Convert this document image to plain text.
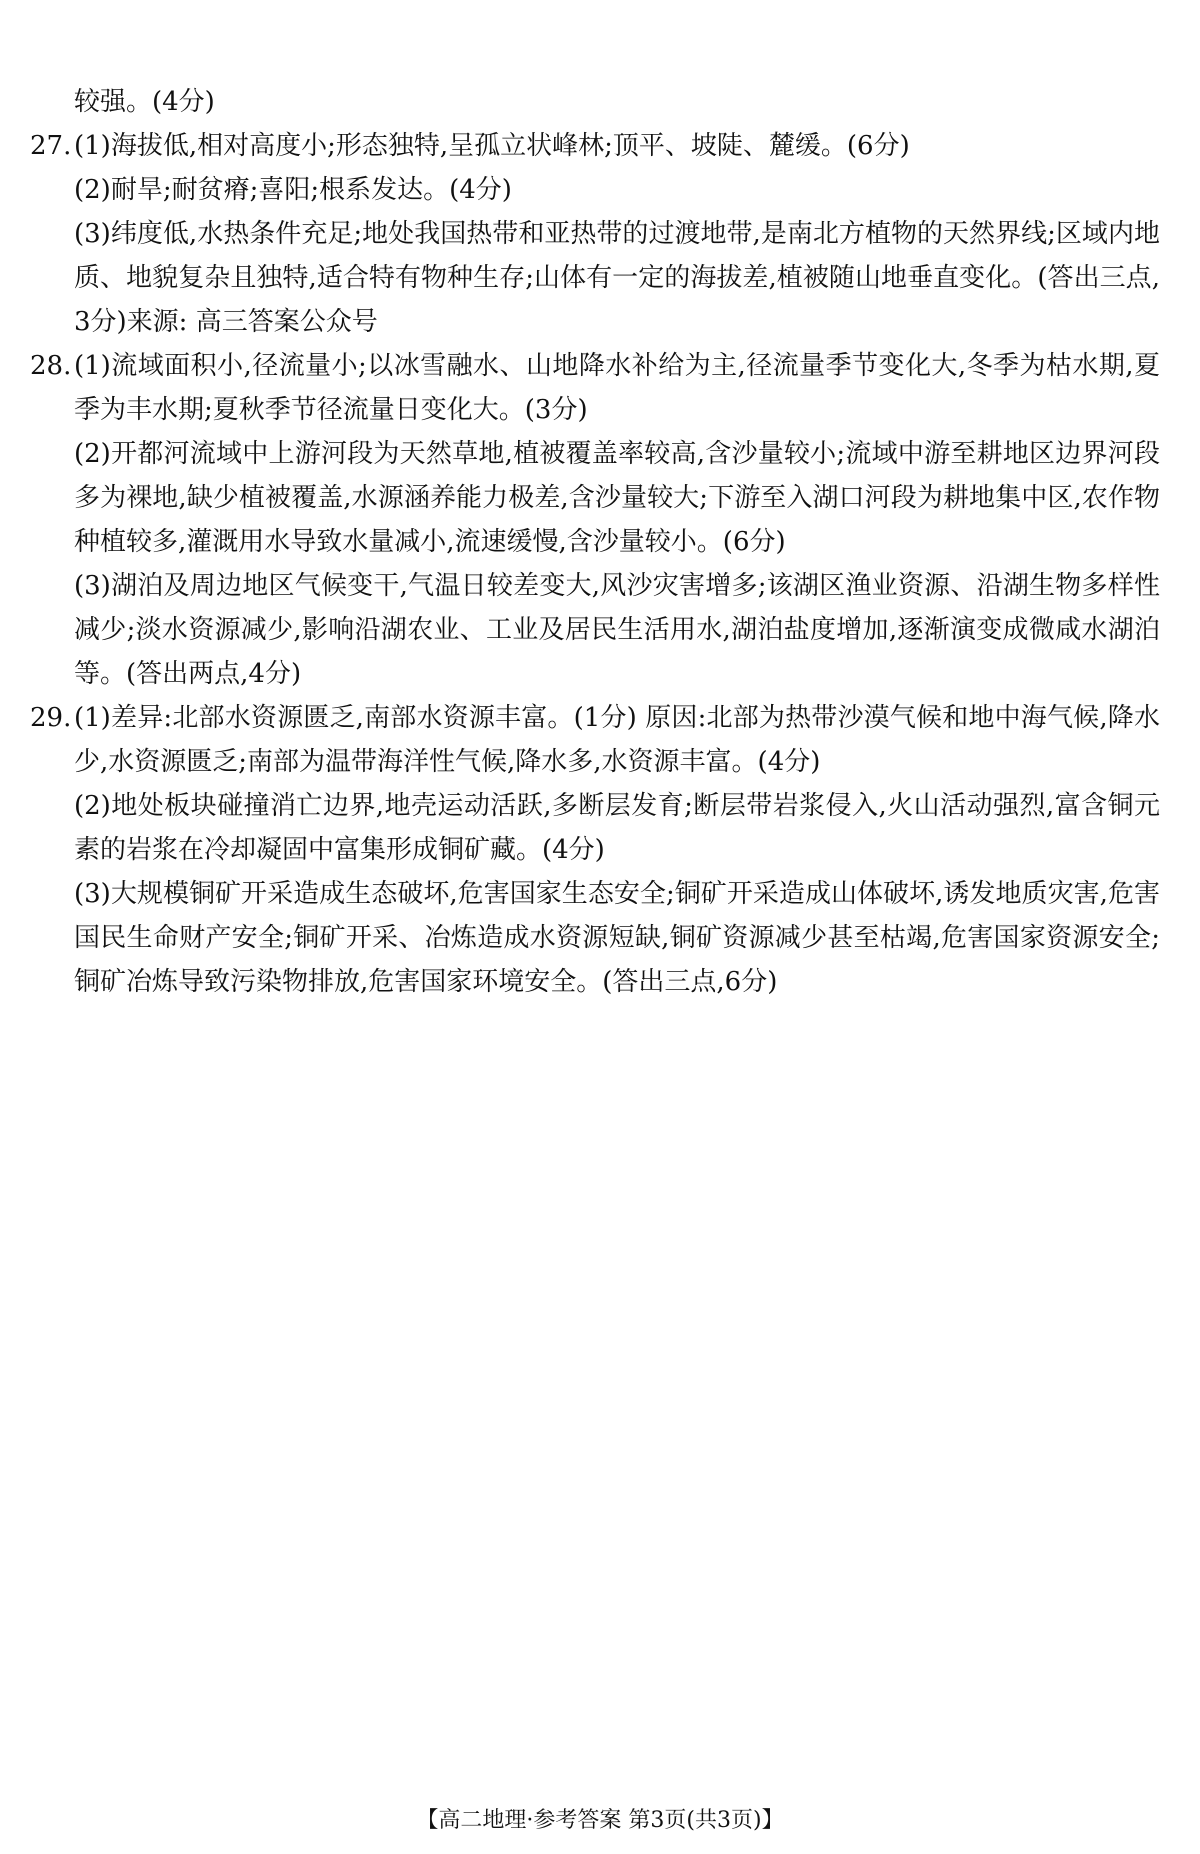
较强。(4分)

27. (1)海拔低,相对高度小;形态独特,呈孤立状峰林;顶平、坡陡、麓缓。(6分)

(2)耐旱;耐贫瘠;喜阳;根系发达。(4分)

(3)纬度低,水热条件充足;地处我国热带和亚热带的过渡地带,是南北方植物的天然界线;区域内地质、地貌复杂且独特,适合特有物种生存;山体有一定的海拔差,植被随山地垂直变化。(答出三点,3分)来源: 高三答案公众号

28. (1)流域面积小,径流量小;以冰雪融水、山地降水补给为主,径流量季节变化大,冬季为枯水期,夏季为丰水期;夏秋季节径流量日变化大。(3分)

(2)开都河流域中上游河段为天然草地,植被覆盖率较高,含沙量较小;流域中游至耕地区边界河段多为裸地,缺少植被覆盖,水源涵养能力极差,含沙量较大;下游至入湖口河段为耕地集中区,农作物种植较多,灌溉用水导致水量减小,流速缓慢,含沙量较小。(6分)

(3)湖泊及周边地区气候变干,气温日较差变大,风沙灾害增多;该湖区渔业资源、沿湖生物多样性减少;淡水资源减少,影响沿湖农业、工业及居民生活用水,湖泊盐度增加,逐渐演变成微咸水湖泊等。(答出两点,4分)

29. (1)差异:北部水资源匮乏,南部水资源丰富。(1分) 原因:北部为热带沙漠气候和地中海气候,降水少,水资源匮乏;南部为温带海洋性气候,降水多,水资源丰富。(4分)

(2)地处板块碰撞消亡边界,地壳运动活跃,多断层发育;断层带岩浆侵入,火山活动强烈,富含铜元素的岩浆在冷却凝固中富集形成铜矿藏。(4分)

(3)大规模铜矿开采造成生态破坏,危害国家生态安全;铜矿开采造成山体破坏,诱发地质灾害,危害国民生命财产安全;铜矿开采、冶炼造成水资源短缺,铜矿资源减少甚至枯竭,危害国家资源安全;铜矿冶炼导致污染物排放,危害国家环境安全。(答出三点,6分)

【高二地理·参考答案 第3页(共3页)】
